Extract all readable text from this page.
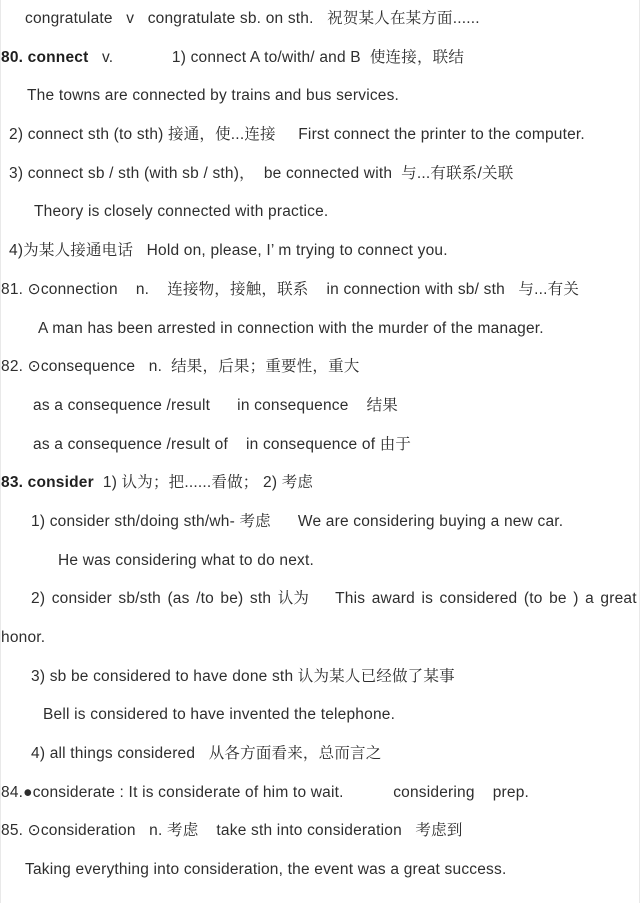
congratulate   v   congratulate sb. on sth.   祝贺某人在某方面......

80. connect   v.             1) connect A to/with/ and B  使连接，联结

The towns are connected by trains and bus services.

2) connect sth (to sth) 接通，使...连接     First connect the printer to the computer.

3) connect sb / sth (with sb / sth)，  be connected with  与...有联系/关联

Theory is closely connected with practice.

4)为某人接通电话   Hold on, please, I’ m trying to connect you.

81. ⊙connection    n.    连接物，接触，联系    in connection with sb/ sth   与...有关

A man has been arrested in connection with the murder of the manager.

82. ⊙consequence   n.  结果，后果；重要性，重大

as a consequence /result      in consequence    结果

as a consequence /result of    in consequence of 由于

83. consider  1) 认为；把......看做； 2) 考虑

1) consider sth/doing sth/wh- 考虑      We are considering buying a new car.

He was considering what to do next.

2) consider sb/sth (as /to be) sth 认为    This award is considered (to be ) a great

honor.

3) sb be considered to have done sth 认为某人已经做了某事

Bell is considered to have invented the telephone.

4) all things considered   从各方面看来，总而言之

84.●considerate : It is considerate of him to wait.           considering    prep.

85. ⊙consideration   n. 考虑    take sth into consideration   考虑到

Taking everything into consideration, the event was a great success.
